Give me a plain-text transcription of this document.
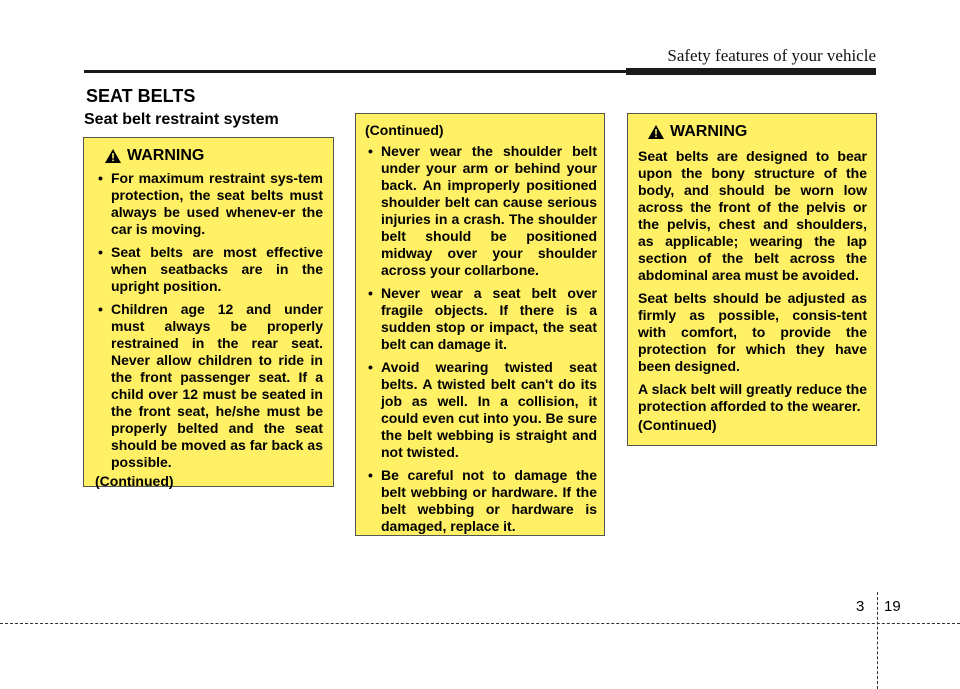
Safety features of your vehicle
SEAT BELTS
Seat belt restraint system
WARNING
• For maximum restraint sys-tem protection, the seat belts must always be used whenev-er the car is moving.
• Seat belts are most effective when seatbacks are in the upright position.
• Children age 12 and under must always be properly restrained in the rear seat. Never allow children to ride in the front passenger seat. If a child over 12 must be seated in the front seat, he/she must be properly belted and the seat should be moved as far back as possible.

(Continued)

(Continued)

• Never wear the shoulder belt under your arm or behind your back. An improperly positioned shoulder belt can cause serious injuries in a crash. The shoulder belt should be positioned midway over your shoulder across your collarbone.
• Never wear a seat belt over fragile objects. If there is a sudden stop or impact, the seat belt can damage it.
• Avoid wearing twisted seat belts. A twisted belt can't do its job as well. In a collision, it could even cut into you. Be sure the belt webbing is straight and not twisted.
• Be careful not to damage the belt webbing or hardware. If the belt webbing or hardware is damaged, replace it.
WARNING

Seat belts are designed to bear upon the bony structure of the body, and should be worn low across the front of the pelvis or the pelvis, chest and shoulders, as applicable; wearing the lap section of the belt across the abdominal area must be avoided.

Seat belts should be adjusted as firmly as possible, consis-tent with comfort, to provide the protection for which they have been designed.

A slack belt will greatly reduce the protection afforded to the wearer.

(Continued)

3 19
